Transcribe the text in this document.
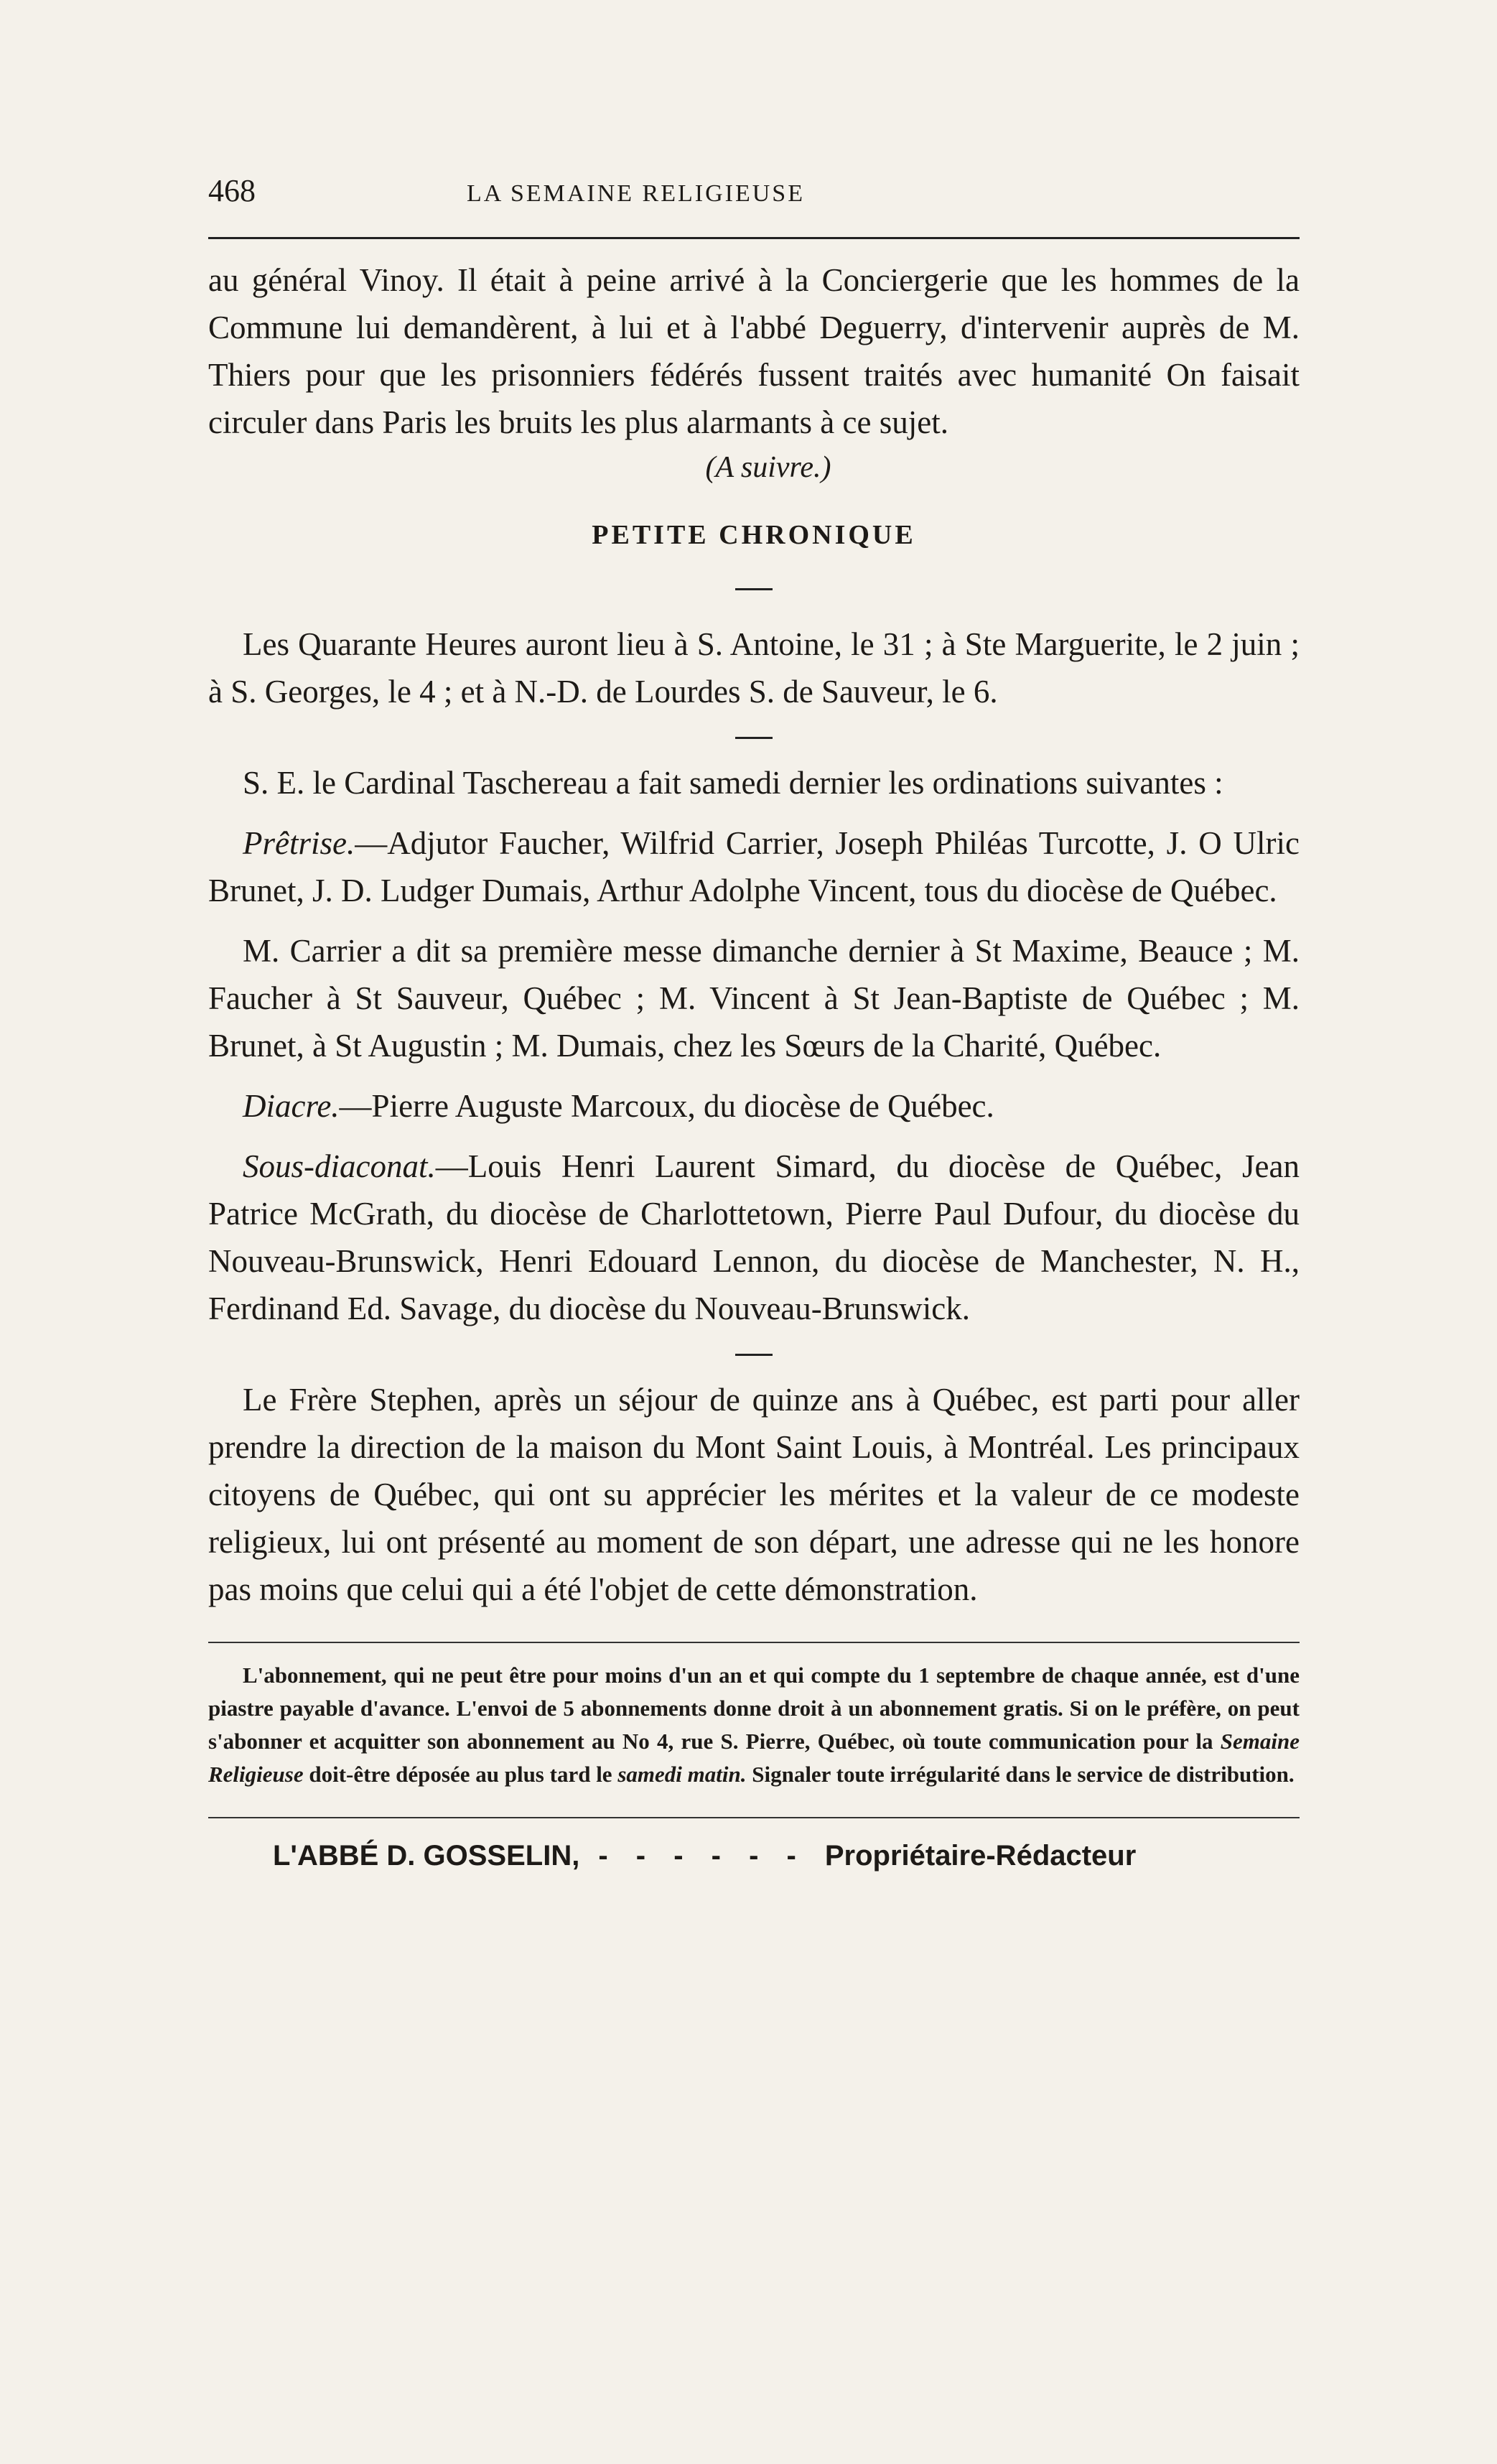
468	LA SEMAINE RELIGIEUSE

au général Vinoy. Il était à peine arrivé à la Conciergerie que les hommes de la Commune lui demandèrent, à lui et à l'abbé Deguerry, d'intervenir auprès de M. Thiers pour que les prisonniers fédérés fussent traités avec humanité On faisait circuler dans Paris les bruits les plus alarmants à ce sujet.

(A suivre.)
PETITE CHRONIQUE

Les Quarante Heures auront lieu à S. Antoine, le 31 ; à Ste Marguerite, le 2 juin ; à S. Georges, le 4 ; et à N.-D. de Lourdes S. de Sauveur, le 6.

S. E. le Cardinal Taschereau a fait samedi dernier les ordinations suivantes :

Prêtrise.—Adjutor Faucher, Wilfrid Carrier, Joseph Philéas Turcotte, J. O Ulric Brunet, J. D. Ludger Dumais, Arthur Adolphe Vincent, tous du diocèse de Québec.

M. Carrier a dit sa première messe dimanche dernier à St Maxime, Beauce ; M. Faucher à St Sauveur, Québec ; M. Vincent à St Jean-Baptiste de Québec ; M. Brunet, à St Augustin ; M. Dumais, chez les Sœurs de la Charité, Québec.

Diacre.—Pierre Auguste Marcoux, du diocèse de Québec.

Sous-diaconat.—Louis Henri Laurent Simard, du diocèse de Québec, Jean Patrice McGrath, du diocèse de Charlottetown, Pierre Paul Dufour, du diocèse du Nouveau-Brunswick, Henri Edouard Lennon, du diocèse de Manchester, N. H., Ferdinand Ed. Savage, du diocèse du Nouveau-Brunswick.

Le Frère Stephen, après un séjour de quinze ans à Québec, est parti pour aller prendre la direction de la maison du Mont Saint Louis, à Montréal. Les principaux citoyens de Québec, qui ont su apprécier les mérites et la valeur de ce modeste religieux, lui ont présenté au moment de son départ, une adresse qui ne les honore pas moins que celui qui a été l'objet de cette démonstration.

L'abonnement, qui ne peut être pour moins d'un an et qui compte du 1 septembre de chaque année, est d'une piastre payable d'avance. L'envoi de 5 abonnements donne droit à un abonnement gratis. Si on le préfère, on peut s'abonner et acquitter son abonnement au No 4, rue S. Pierre, Québec, où toute communication pour la Semaine Religieuse doit-être déposée au plus tard le samedi matin. Signaler toute irrégularité dans le service de distribution.

L'ABBÉ D. GOSSELIN, - - - - - - Propriétaire-Rédacteur
